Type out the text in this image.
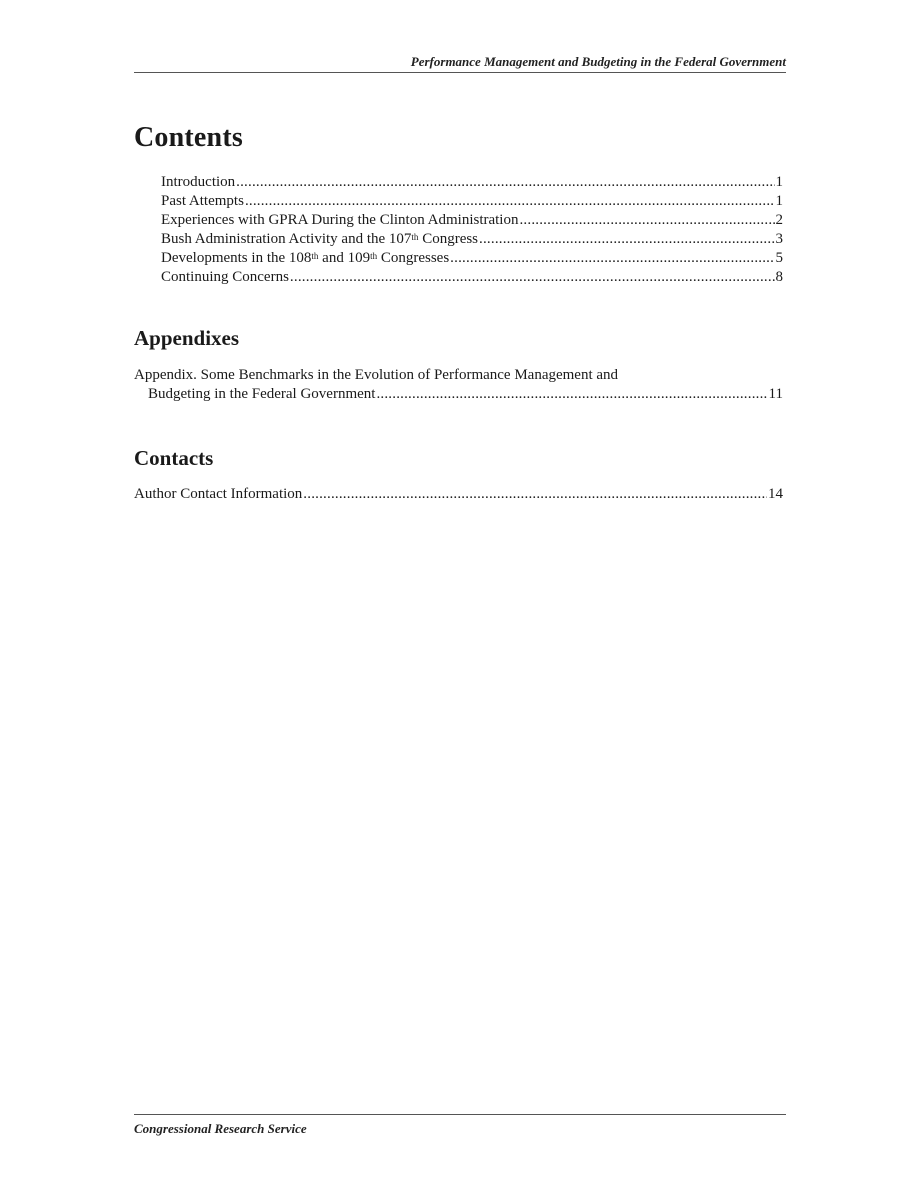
Performance Management and Budgeting in the Federal Government
Contents
Introduction .....	1
Past Attempts .....	1
Experiences with GPRA During the Clinton Administration .....	2
Bush Administration Activity and the 107th Congress .....	3
Developments in the 108th and 109th Congresses .....	5
Continuing Concerns .....	8
Appendixes
Appendix. Some Benchmarks in the Evolution of Performance Management and
Budgeting in the Federal Government .....	11
Contacts
Author Contact Information .....	14
Congressional Research Service
